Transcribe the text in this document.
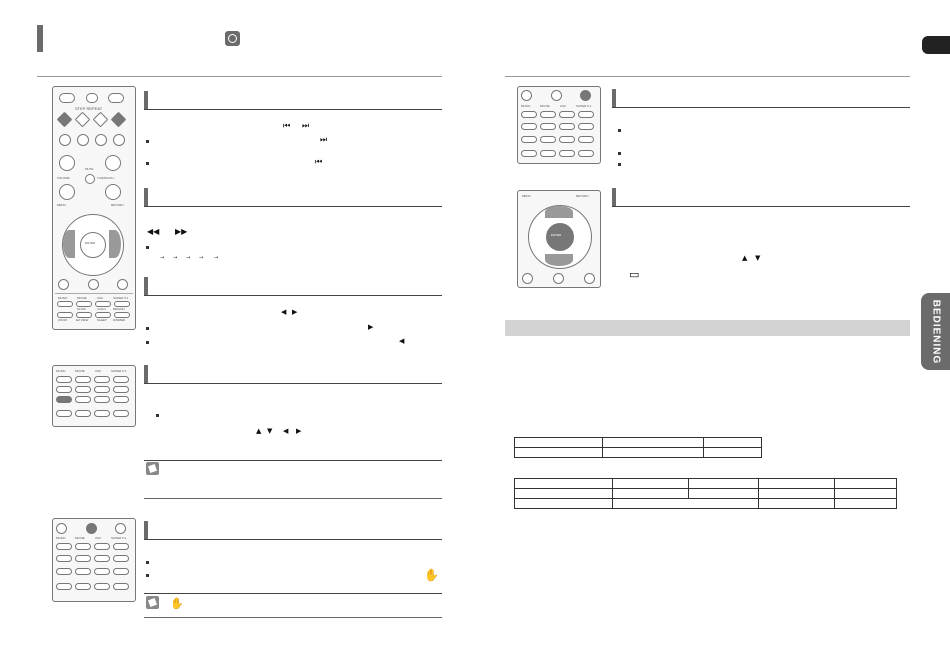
STEP REPEAT
MUTE
VOLUME	TUNING/CH
MENU	RETURN
ENTER
MUSIC	MOVIE	ASC	SUPER 5.1
SLOW	LOGO REMAIN
ZOOM	EZ VIEW	SLEEP DIMMER
⏮ ⏭
⏭
⏮
◀◀ ▶▶
→ → → → →
◀ ▶
▶
◀
MUSIC	MOVIE	ASC	SUPER 5.1
▲ ▼ ◀ ▶
MUSIC	MOVIE	ASC	SUPER 5.1
✋
✋
MUSIC	MOVIE	ASC	SUPER 5.1
MENU	RETURN
ENTER
▲ ▼
▭
BEDIENING
